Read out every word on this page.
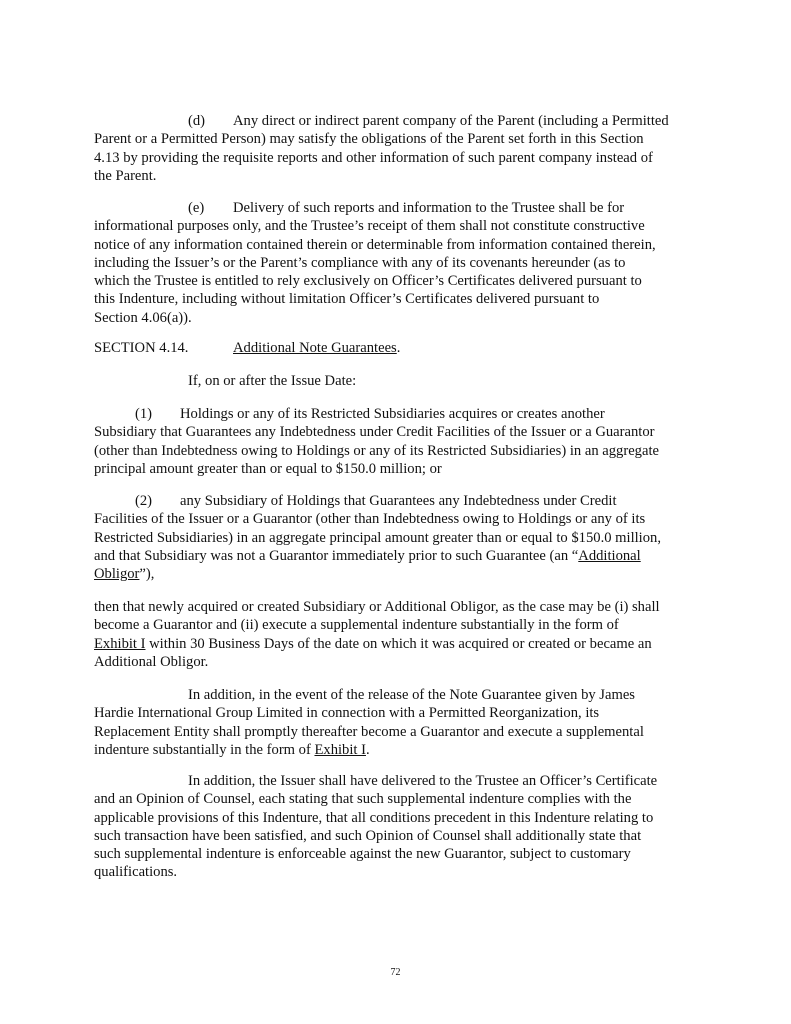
(d) Any direct or indirect parent company of the Parent (including a Permitted
Parent or a Permitted Person) may satisfy the obligations of the Parent set forth in this Section
4.13 by providing the requisite reports and other information of such parent company instead of
the Parent.
(e) Delivery of such reports and information to the Trustee shall be for
informational purposes only, and the Trustee’s receipt of them shall not constitute constructive
notice of any information contained therein or determinable from information contained therein,
including the Issuer’s or the Parent’s compliance with any of its covenants hereunder (as to
which the Trustee is entitled to rely exclusively on Officer’s Certificates delivered pursuant to
this Indenture, including without limitation Officer’s Certificates delivered pursuant to
Section 4.06(a)).
SECTION 4.14.	Additional Note Guarantees.
If, on or after the Issue Date:
(1) Holdings or any of its Restricted Subsidiaries acquires or creates another
Subsidiary that Guarantees any Indebtedness under Credit Facilities of the Issuer or a Guarantor
(other than Indebtedness owing to Holdings or any of its Restricted Subsidiaries) in an aggregate
principal amount greater than or equal to $150.0 million; or
(2) any Subsidiary of Holdings that Guarantees any Indebtedness under Credit
Facilities of the Issuer or a Guarantor (other than Indebtedness owing to Holdings or any of its
Restricted Subsidiaries) in an aggregate principal amount greater than or equal to $150.0 million,
and that Subsidiary was not a Guarantor immediately prior to such Guarantee (an “Additional
Obligor”),
then that newly acquired or created Subsidiary or Additional Obligor, as the case may be (i) shall
become a Guarantor and (ii) execute a supplemental indenture substantially in the form of
Exhibit I within 30 Business Days of the date on which it was acquired or created or became an
Additional Obligor.
In addition, in the event of the release of the Note Guarantee given by James
Hardie International Group Limited in connection with a Permitted Reorganization, its
Replacement Entity shall promptly thereafter become a Guarantor and execute a supplemental
indenture substantially in the form of Exhibit I.
In addition, the Issuer shall have delivered to the Trustee an Officer’s Certificate
and an Opinion of Counsel, each stating that such supplemental indenture complies with the
applicable provisions of this Indenture, that all conditions precedent in this Indenture relating to
such transaction have been satisfied, and such Opinion of Counsel shall additionally state that
such supplemental indenture is enforceable against the new Guarantor, subject to customary
qualifications.
72
